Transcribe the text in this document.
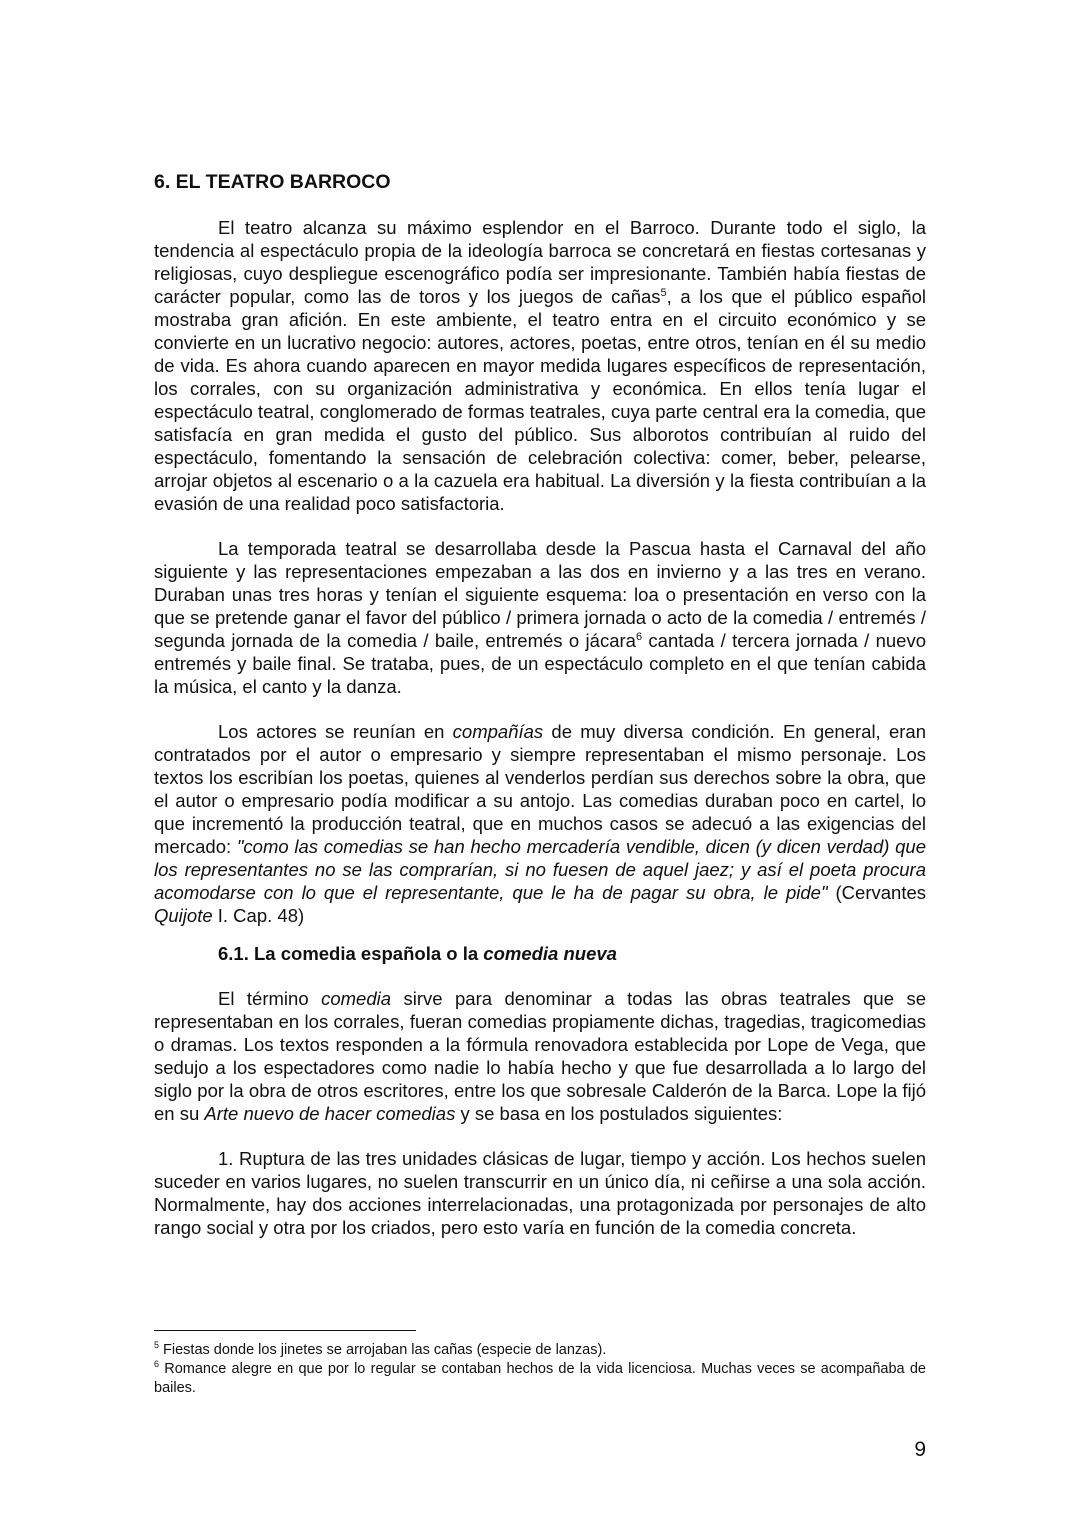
6. EL TEATRO BARROCO

El teatro alcanza su máximo esplendor en el Barroco. Durante todo el siglo, la tendencia al espectáculo propia de la ideología barroca se concretará en fiestas cortesanas y religiosas, cuyo despliegue escenográfico podía ser impresionante. También había fiestas de carácter popular, como las de toros y los juegos de cañas$^5$, a los que el público español mostraba gran afición. En este ambiente, el teatro entra en el circuito económico y se convierte en un lucrativo negocio: autores, actores, poetas, entre otros, tenían en él su medio de vida. Es ahora cuando aparecen en mayor medida lugares específicos de representación, los corrales, con su organización administrativa y económica. En ellos tenía lugar el espectáculo teatral, conglomerado de formas teatrales, cuya parte central era la comedia, que satisfacía en gran medida el gusto del público. Sus alborotos contribuían al ruido del espectáculo, fomentando la sensación de celebración colectiva: comer, beber, pelearse, arrojar objetos al escenario o a la cazuela era habitual. La diversión y la fiesta contribuían a la evasión de una realidad poco satisfactoria.

La temporada teatral se desarrollaba desde la Pascua hasta el Carnaval del año siguiente y las representaciones empezaban a las dos en invierno y a las tres en verano. Duraban unas tres horas y tenían el siguiente esquema: loa o presentación en verso con la que se pretende ganar el favor del público / primera jornada o acto de la comedia / entremés / segunda jornada de la comedia / baile, entremés o jácara$^6$ cantada / tercera jornada / nuevo entremés y baile final. Se trataba, pues, de un espectáculo completo en el que tenían cabida la música, el canto y la danza.

Los actores se reunían en compañías de muy diversa condición. En general, eran contratados por el autor o empresario y siempre representaban el mismo personaje. Los textos los escribían los poetas, quienes al venderlos perdían sus derechos sobre la obra, que el autor o empresario podía modificar a su antojo. Las comedias duraban poco en cartel, lo que incrementó la producción teatral, que en muchos casos se adecuó a las exigencias del mercado: "como las comedias se han hecho mercadería vendible, dicen (y dicen verdad) que los representantes no se las comprarían, si no fuesen de aquel jaez; y así el poeta procura acomodarse con lo que el representante, que le ha de pagar su obra, le pide" (Cervantes Quijote I. Cap. 48)

6.1. La comedia española o la comedia nueva

El término comedia sirve para denominar a todas las obras teatrales que se representaban en los corrales, fueran comedias propiamente dichas, tragedias, tragicomedias o dramas. Los textos responden a la fórmula renovadora establecida por Lope de Vega, que sedujo a los espectadores como nadie lo había hecho y que fue desarrollada a lo largo del siglo por la obra de otros escritores, entre los que sobresale Calderón de la Barca. Lope la fijó en su Arte nuevo de hacer comedias y se basa en los postulados siguientes:

1. Ruptura de las tres unidades clásicas de lugar, tiempo y acción. Los hechos suelen suceder en varios lugares, no suelen transcurrir en un único día, ni ceñirse a una sola acción. Normalmente, hay dos acciones interrelacionadas, una protagonizada por personajes de alto rango social y otra por los criados, pero esto varía en función de la comedia concreta.

$^5$ Fiestas donde los jinetes se arrojaban las cañas (especie de lanzas).

$^6$ Romance alegre en que por lo regular se contaban hechos de la vida licenciosa. Muchas veces se acompañaba de bailes.

9
